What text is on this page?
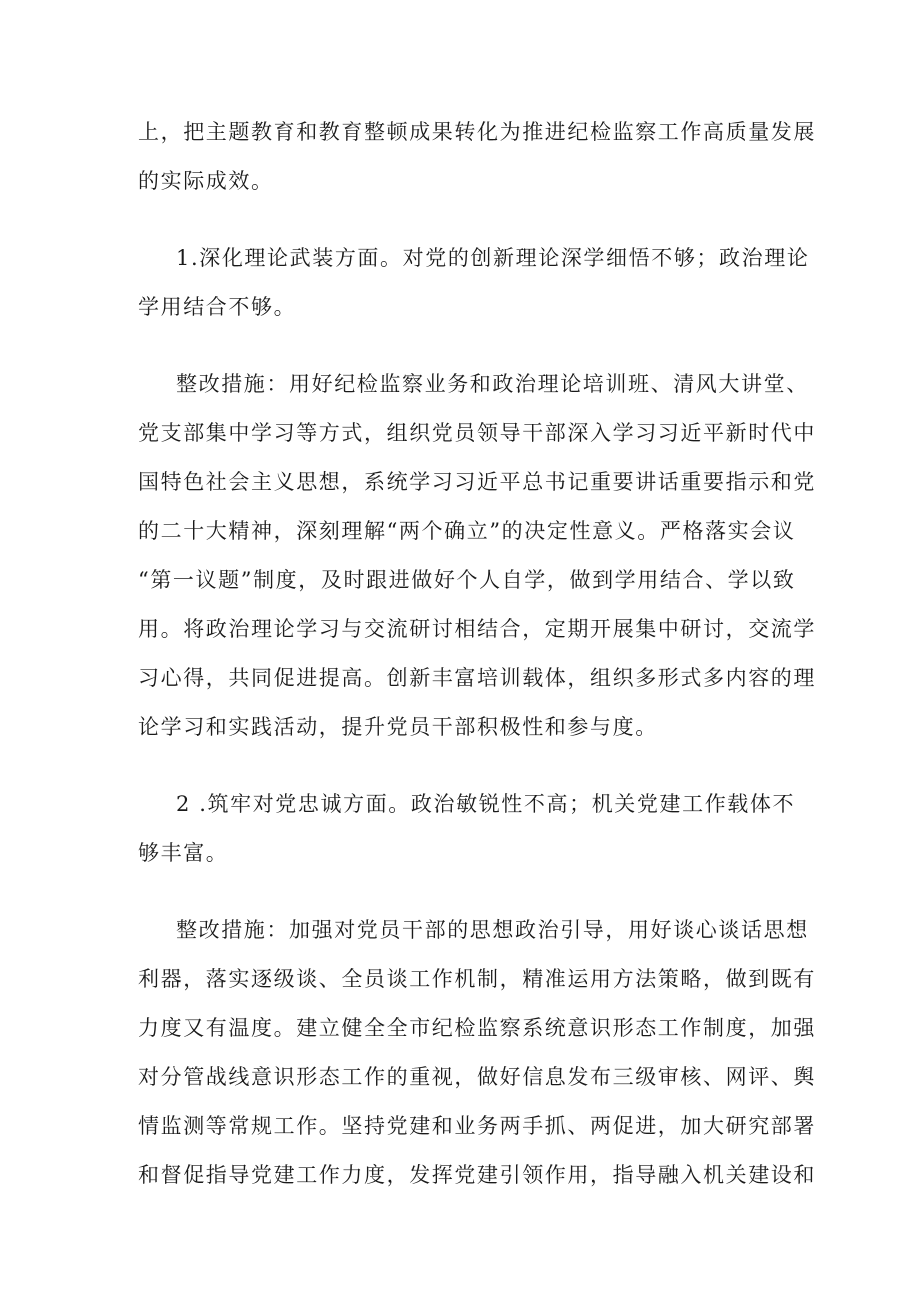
上，把主题教育和教育整顿成果转化为推进纪检监察工作高质量发展

的实际成效。

1.深化理论武装方面。对党的创新理论深学细悟不够；政治理论

学用结合不够。

整改措施：用好纪检监察业务和政治理论培训班、清风大讲堂、

党支部集中学习等方式，组织党员领导干部深入学习习近平新时代中

国特色社会主义思想，系统学习习近平总书记重要讲话重要指示和党

的二十大精神，深刻理解“两个确立”的决定性意义。严格落实会议

“第一议题”制度，及时跟进做好个人自学，做到学用结合、学以致

用。将政治理论学习与交流研讨相结合，定期开展集中研讨，交流学

习心得，共同促进提高。创新丰富培训载体，组织多形式多内容的理

论学习和实践活动，提升党员干部积极性和参与度。

2 .筑牢对党忠诚方面。政治敏锐性不高；机关党建工作载体不

够丰富。

整改措施：加强对党员干部的思想政治引导，用好谈心谈话思想

利器，落实逐级谈、全员谈工作机制，精准运用方法策略，做到既有

力度又有温度。建立健全全市纪检监察系统意识形态工作制度，加强

对分管战线意识形态工作的重视，做好信息发布三级审核、网评、舆

情监测等常规工作。坚持党建和业务两手抓、两促进，加大研究部署

和督促指导党建工作力度，发挥党建引领作用，指导融入机关建设和
